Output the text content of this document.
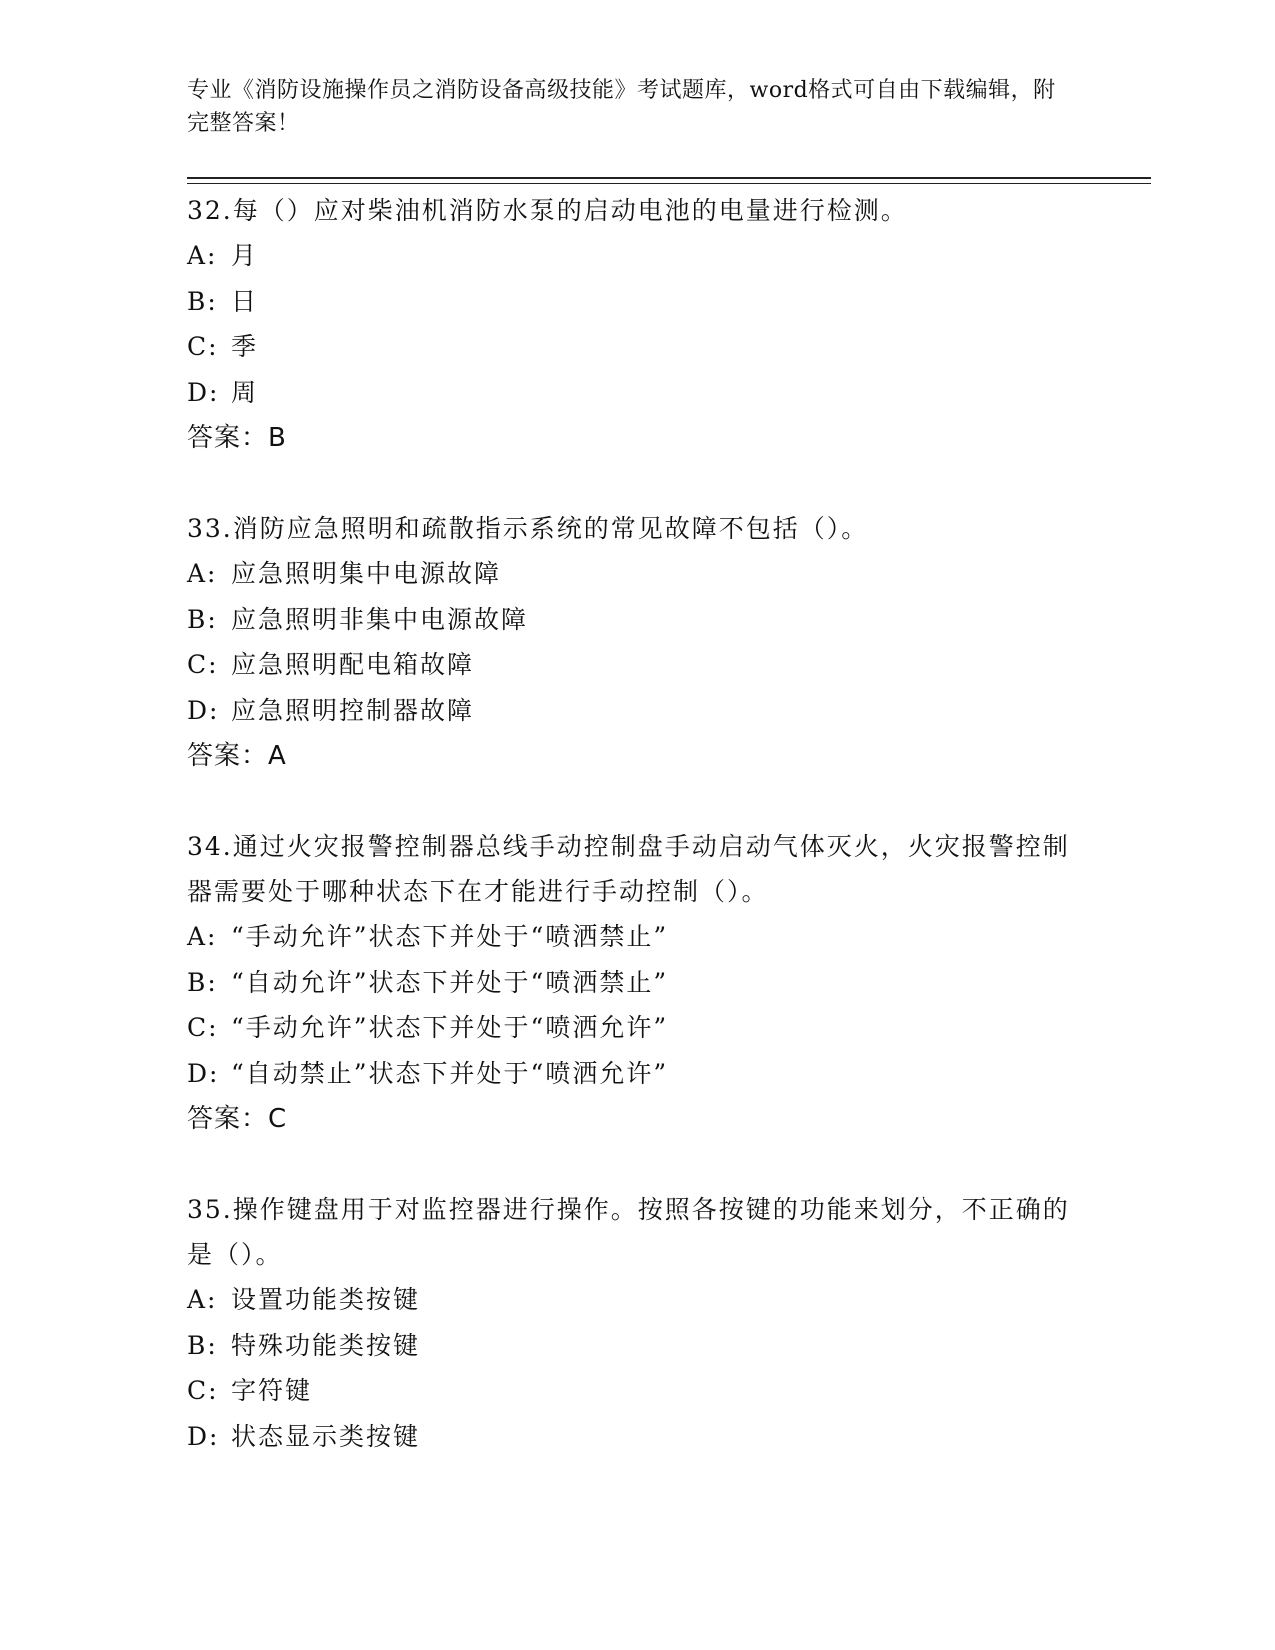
专业《消防设施操作员之消防设备高级技能》考试题库，word格式可自由下载编辑，附完整答案！

32.每（）应对柴油机消防水泵的启动电池的电量进行检测。

A: 月
B: 日
C: 季
D: 周

答案：B

33.消防应急照明和疏散指示系统的常见故障不包括（）。

A: 应急照明集中电源故障
B: 应急照明非集中电源故障
C: 应急照明配电箱故障
D: 应急照明控制器故障

答案：A

34.通过火灾报警控制器总线手动控制盘手动启动气体灭火，火灾报警控制器需要处于哪种状态下在才能进行手动控制（）。

A: “手动允许”状态下并处于“喷洒禁止”
B: “自动允许”状态下并处于“喷洒禁止”
C: “手动允许”状态下并处于“喷洒允许”
D: “自动禁止”状态下并处于“喷洒允许”

答案：C

35.操作键盘用于对监控器进行操作。按照各按键的功能来划分，不正确的是（）。

A: 设置功能类按键
B: 特殊功能类按键
C: 字符键
D: 状态显示类按键
